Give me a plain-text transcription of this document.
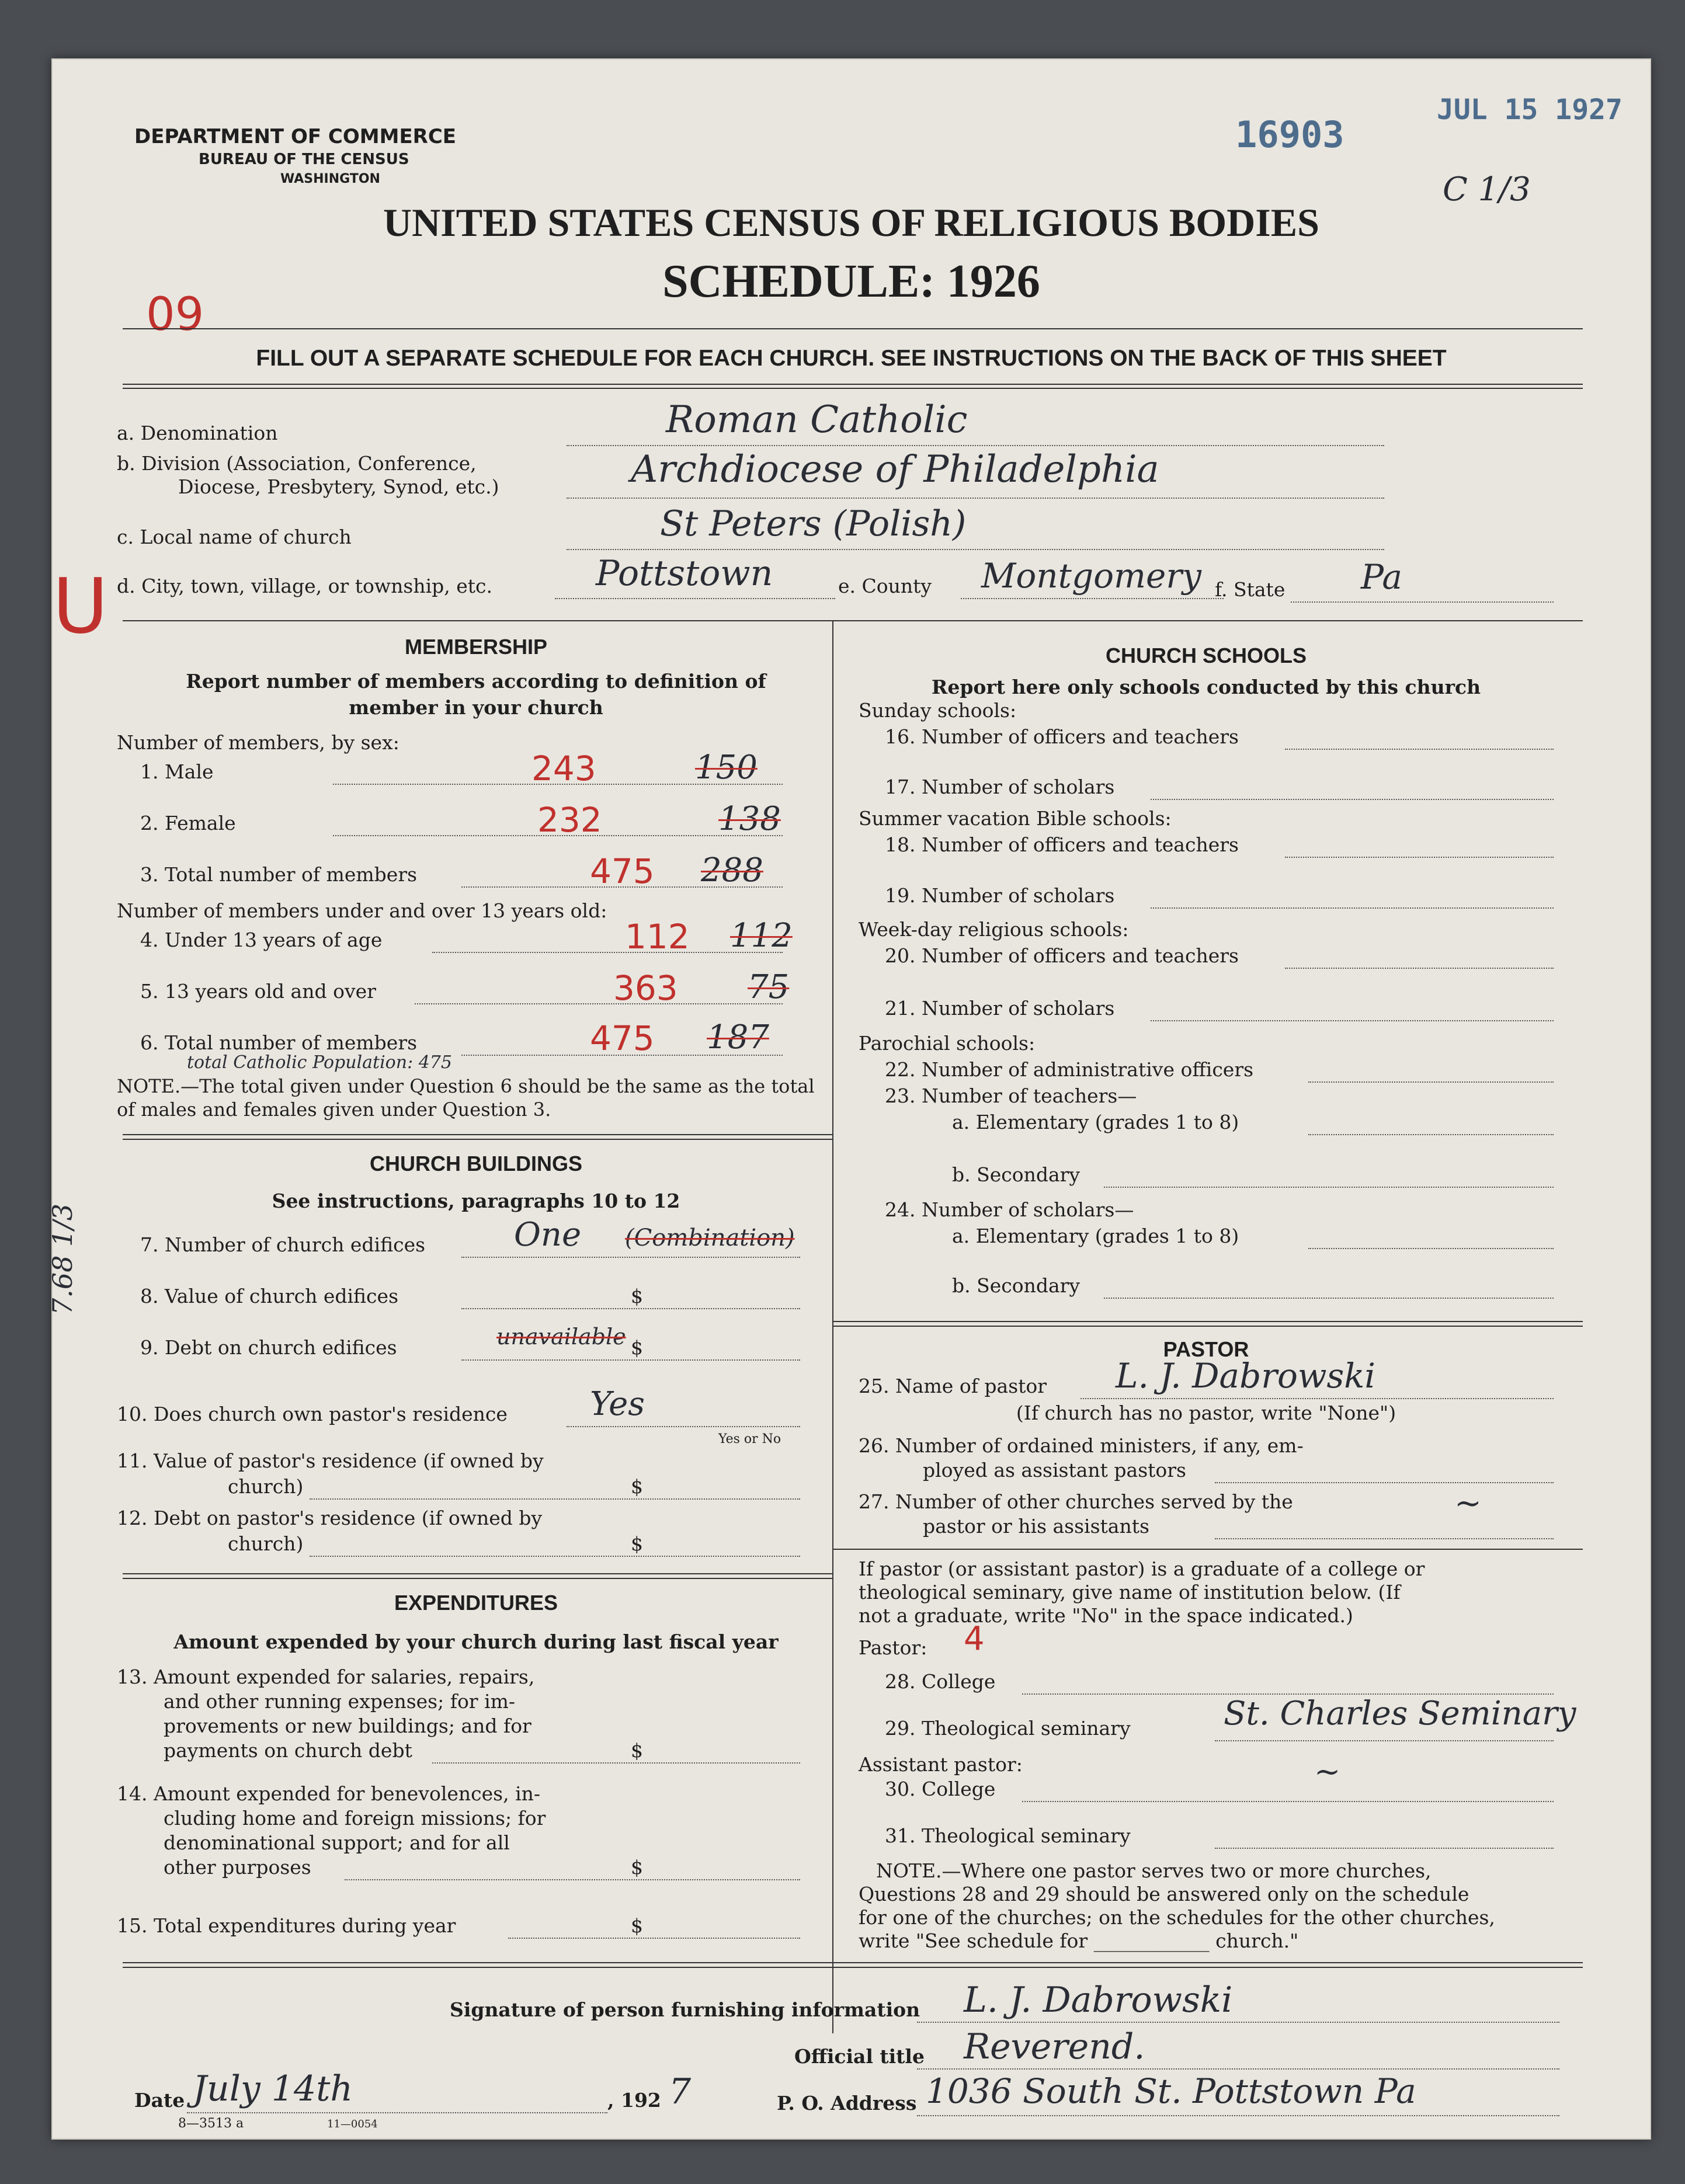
DEPARTMENT OF COMMERCE
BUREAU OF THE CENSUS
WASHINGTON
16903
JUL 15 1927
C 1/3
UNITED STATES CENSUS OF RELIGIOUS BODIES
SCHEDULE: 1926
09
FILL OUT A SEPARATE SCHEDULE FOR EACH CHURCH. SEE INSTRUCTIONS ON THE BACK OF THIS SHEET
a. Denomination	Roman Catholic
b. Division (Association, Conference,
Diocese, Presbytery, Synod, etc.)	Archdiocese of Philadelphia
c. Local name of church	St Peters (Polish)
d. City, town, village, or township, etc.	Pottstown	e. County Montgomery f. State Pa
U	MEMBERSHIP
Report number of members according to definition of
member in your church
Number of members, by sex:
1. Male	243	150
2. Female	232	138
3. Total number of members	475 288
Number of members under and over 13 years old:
4. Under 13 years of age	112 112
5. 13 years old and over	363 75
6. Total number of members	475 187
total Catholic Population: 475
NOTE.—The total given under Question 6 should be the same as the total of males and females given under Question 3.
CHURCH BUILDINGS
See instructions, paragraphs 10 to 12
7. Number of church edifices	One (Combination)
8. Value of church edifices	$
9. Debt on church edifices	$
unavailable
10. Does church own pastor's residence	Yes
Yes or No
11. Value of pastor's residence (if owned by
church)	$
12. Debt on pastor's residence (if owned by
church)	$
7.68 1/3
EXPENDITURES
Amount expended by your church during last fiscal year
13. Amount expended for salaries, repairs,
and other running expenses; for im-
provements or new buildings; and for
payments on church debt	$
14. Amount expended for benevolences, in-
cluding home and foreign missions; for
denominational support; and for all
other purposes	$
15. Total expenditures during year	$
CHURCH SCHOOLS
Report here only schools conducted by this church
Sunday schools:
16. Number of officers and teachers
17. Number of scholars
Summer vacation Bible schools:
18. Number of officers and teachers
19. Number of scholars
Week-day religious schools:
20. Number of officers and teachers
21. Number of scholars
Parochial schools:
22. Number of administrative officers
23. Number of teachers—
a. Elementary (grades 1 to 8)
b. Secondary
24. Number of scholars—
a. Elementary (grades 1 to 8)
b. Secondary
PASTOR
25. Name of pastor L. J. Dabrowski
(If church has no pastor, write "None")
26. Number of ordained ministers, if any, em-
ployed as assistant pastors
27. Number of other churches served by the
pastor or his assistants
~
If pastor (or assistant pastor) is a graduate of a college or
theological seminary, give name of institution below. (If
not a graduate, write "No" in the space indicated.)
Pastor: 4
28. College
29. Theological seminary	St. Charles Seminary
Assistant pastor:
30. College	~
31. Theological seminary
NOTE.—Where one pastor serves two or more churches,
Questions 28 and 29 should be answered only on the schedule
for one of the churches; on the schedules for the other churches,
write "See schedule for ____________ church."
Signature of person furnishing information L. J. Dabrowski
Official title Reverend.
Date July 14th	, 192 7	P. O. Address 1036 South St. Pottstown Pa
8—3513 a	11—0054
